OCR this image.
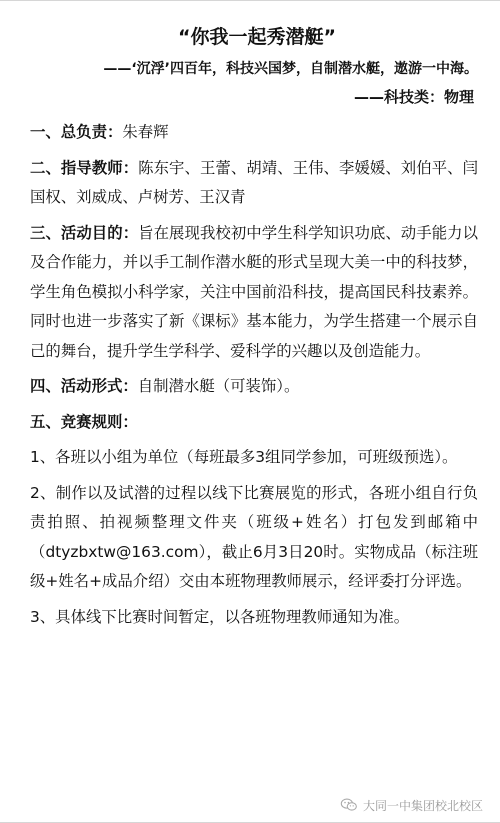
“你我一起秀潜艇”
——‘沉浮’四百年，科技兴国梦，自制潜水艇，遨游一中海。
——科技类：物理

一、总负责：朱春辉

二、指导教师：陈东宇、王蕾、胡靖、王伟、李媛媛、刘伯平、闫国权、刘威成、卢树芳、王汉青

三、活动目的：旨在展现我校初中学生科学知识功底、动手能力以及合作能力，并以手工制作潜水艇的形式呈现大美一中的科技梦，学生角色模拟小科学家，关注中国前沿科技，提高国民科技素养。同时也进一步落实了新《课标》基本能力，为学生搭建一个展示自己的舞台，提升学生学科学、爱科学的兴趣以及创造能力。

四、活动形式：自制潜水艇（可装饰）。

五、竞赛规则：

1、各班以小组为单位（每班最多3组同学参加，可班级预选）。

2、制作以及试潜的过程以线下比赛展览的形式，各班小组自行负责拍照、拍视频整理文件夹（班级+姓名）打包发到邮箱中（dtyzbxtw@163.com），截止6月3日20时。实物成品（标注班级+姓名+成品介绍）交由本班物理教师展示，经评委打分评选。

3、具体线下比赛时间暂定，以各班物理教师通知为准。

大同一中集团校北校区
